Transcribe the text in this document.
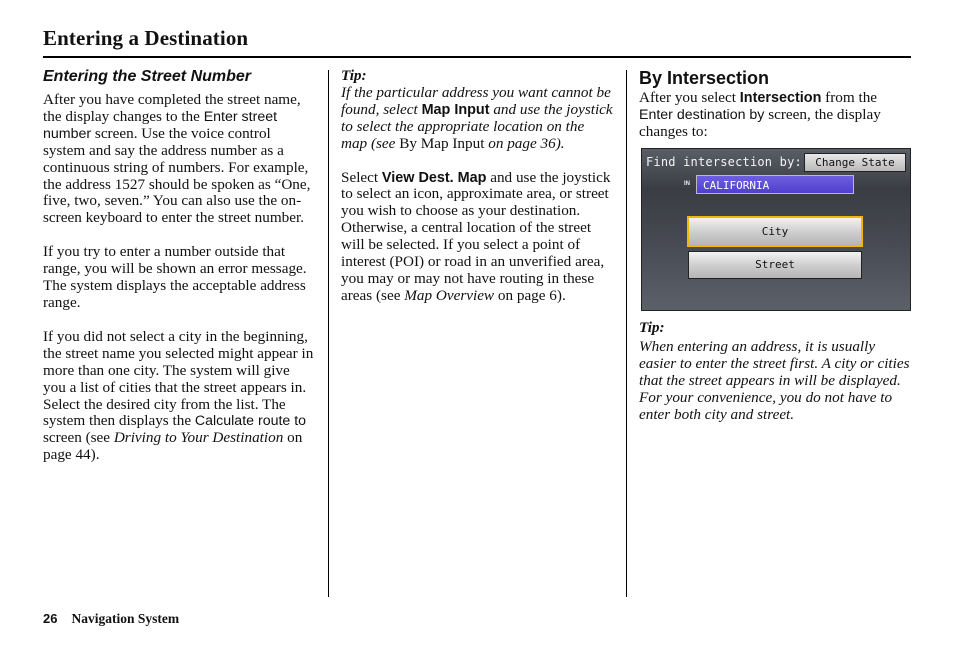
Entering a Destination
Entering the Street Number

After you have completed the street name, the display changes to the Enter street number screen. Use the voice control system and say the address number as a continuous string of numbers. For example, the address 1527 should be spoken as “One, five, two, seven.” You can also use the on-screen keyboard to enter the street number.

If you try to enter a number outside that range, you will be shown an error message. The system displays the acceptable address range.

If you did not select a city in the beginning, the street name you selected might appear in more than one city. The system will give you a list of cities that the street appears in. Select the desired city from the list. The system then displays the Calculate route to screen (see Driving to Your Destination on page 44).

Tip:

If the particular address you want cannot be found, select Map Input and use the joystick to select the appropriate location on the map (see By Map Input on page 36).

Select View Dest. Map and use the joystick to select an icon, approximate area, or street you wish to choose as your destination. Otherwise, a central location of the street will be selected. If you select a point of interest (POI) or road in an unverified area, you may or may not have routing in these areas (see Map Overview on page 6).

By Intersection

After you select Intersection from the Enter destination by screen, the display changes to:

Find intersection by:	Change State
IN	CALIFORNIA
City
Street
Tip:

When entering an address, it is usually easier to enter the street first. A city or cities that the street appears in will be displayed. For your convenience, you do not have to enter both city and street.

26 Navigation System
